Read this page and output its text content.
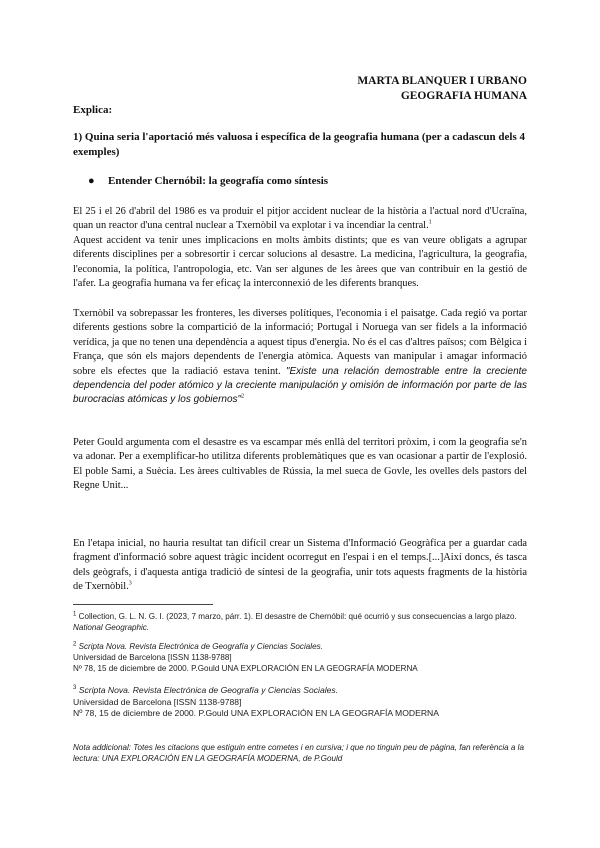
MARTA BLANQUER I URBANO
GEOGRAFIA HUMANA
Explica:
1) Quina seria l'aportació més valuosa i específica de la geografia humana (per a cadascun dels 4 exemples)
● Entender Chernóbil: la geografía como síntesis
El 25 i el 26 d'abril del 1986 es va produir el pitjor accident nuclear de la història a l'actual nord d'Ucraïna, quan un reactor d'una central nuclear a Txernòbil va explotar i va incendiar la central.$^1$
Aquest accident va tenir unes implicacions en molts àmbits distints; que es van veure obligats a agrupar diferents disciplines per a sobresortir i cercar solucions al desastre. La medicina, l'agricultura, la geografia, l'economia, la política, l'antropologia, etc. Van ser algunes de les àrees que van contribuir en la gestió de l'afer. La geografia humana va fer eficaç la interconnexió de les diferents branques.
Txernòbil va sobrepassar les fronteres, les diverses polítiques, l'economia i el paisatge. Cada regió va portar diferents gestions sobre la compartició de la informació; Portugal i Noruega van ser fidels a la informació verídica, ja que no tenen una dependència a aquest tipus d'energia. No és el cas d'altres països; com Bèlgica i França, que són els majors dependents de l'energia atòmica. Aquests van manipular i amagar informació sobre els efectes que la radiació estava tenint. "Existe una relación demostrable entre la creciente dependencia del poder atómico y la creciente manipulación y omisión de información por parte de las burocracias atómicas y los gobiernos"$^2$
Peter Gould argumenta com el desastre es va escampar més enllà del territori pròxim, i com la geografia se'n va adonar. Per a exemplificar-ho utilitza diferents problemàtiques que es van ocasionar a partir de l'explosió. El poble Sami, a Suècia. Les àrees cultivables de Rússia, la mel sueca de Govle, les ovelles dels pastors del Regne Unit...
En l'etapa inicial, no hauria resultat tan difícil crear un Sistema d'Informació Geogràfica per a guardar cada fragment d'informació sobre aquest tràgic incident ocorregut en l'espai i en el temps.[...]Així doncs, és tasca dels geògrafs, i d'aquesta antiga tradició de síntesi de la geografia, unir tots aquests fragments de la història de Txernòbil.$^3$
$^1$ Collection, G. L. N. G. I. (2023, 7 marzo, párr. 1). El desastre de Chernóbil: qué ocurrió y sus consecuencias a largo plazo. National Geographic.
$^2$ Scripta Nova. Revista Electrónica de Geografía y Ciencias Sociales.
Universidad de Barcelona [ISSN 1138-9788]
Nº 78, 15 de diciembre de 2000. P.Gould UNA EXPLORACIÓN EN LA GEOGRAFÍA MODERNA
$^3$ Scripta Nova. Revista Electrónica de Geografía y Ciencias Sociales.
Universidad de Barcelona [ISSN 1138-9788]
Nº 78, 15 de diciembre de 2000. P.Gould UNA EXPLORACIÓN EN LA GEOGRAFÍA MODERNA
Nota addicional: Totes les citacions que estiguin entre cometes i en cursiva; i que no tinguin peu de pàgina, fan referència a la lectura: UNA EXPLORACIÓN EN LA GEOGRAFÍA MODERNA, de P.Gould
